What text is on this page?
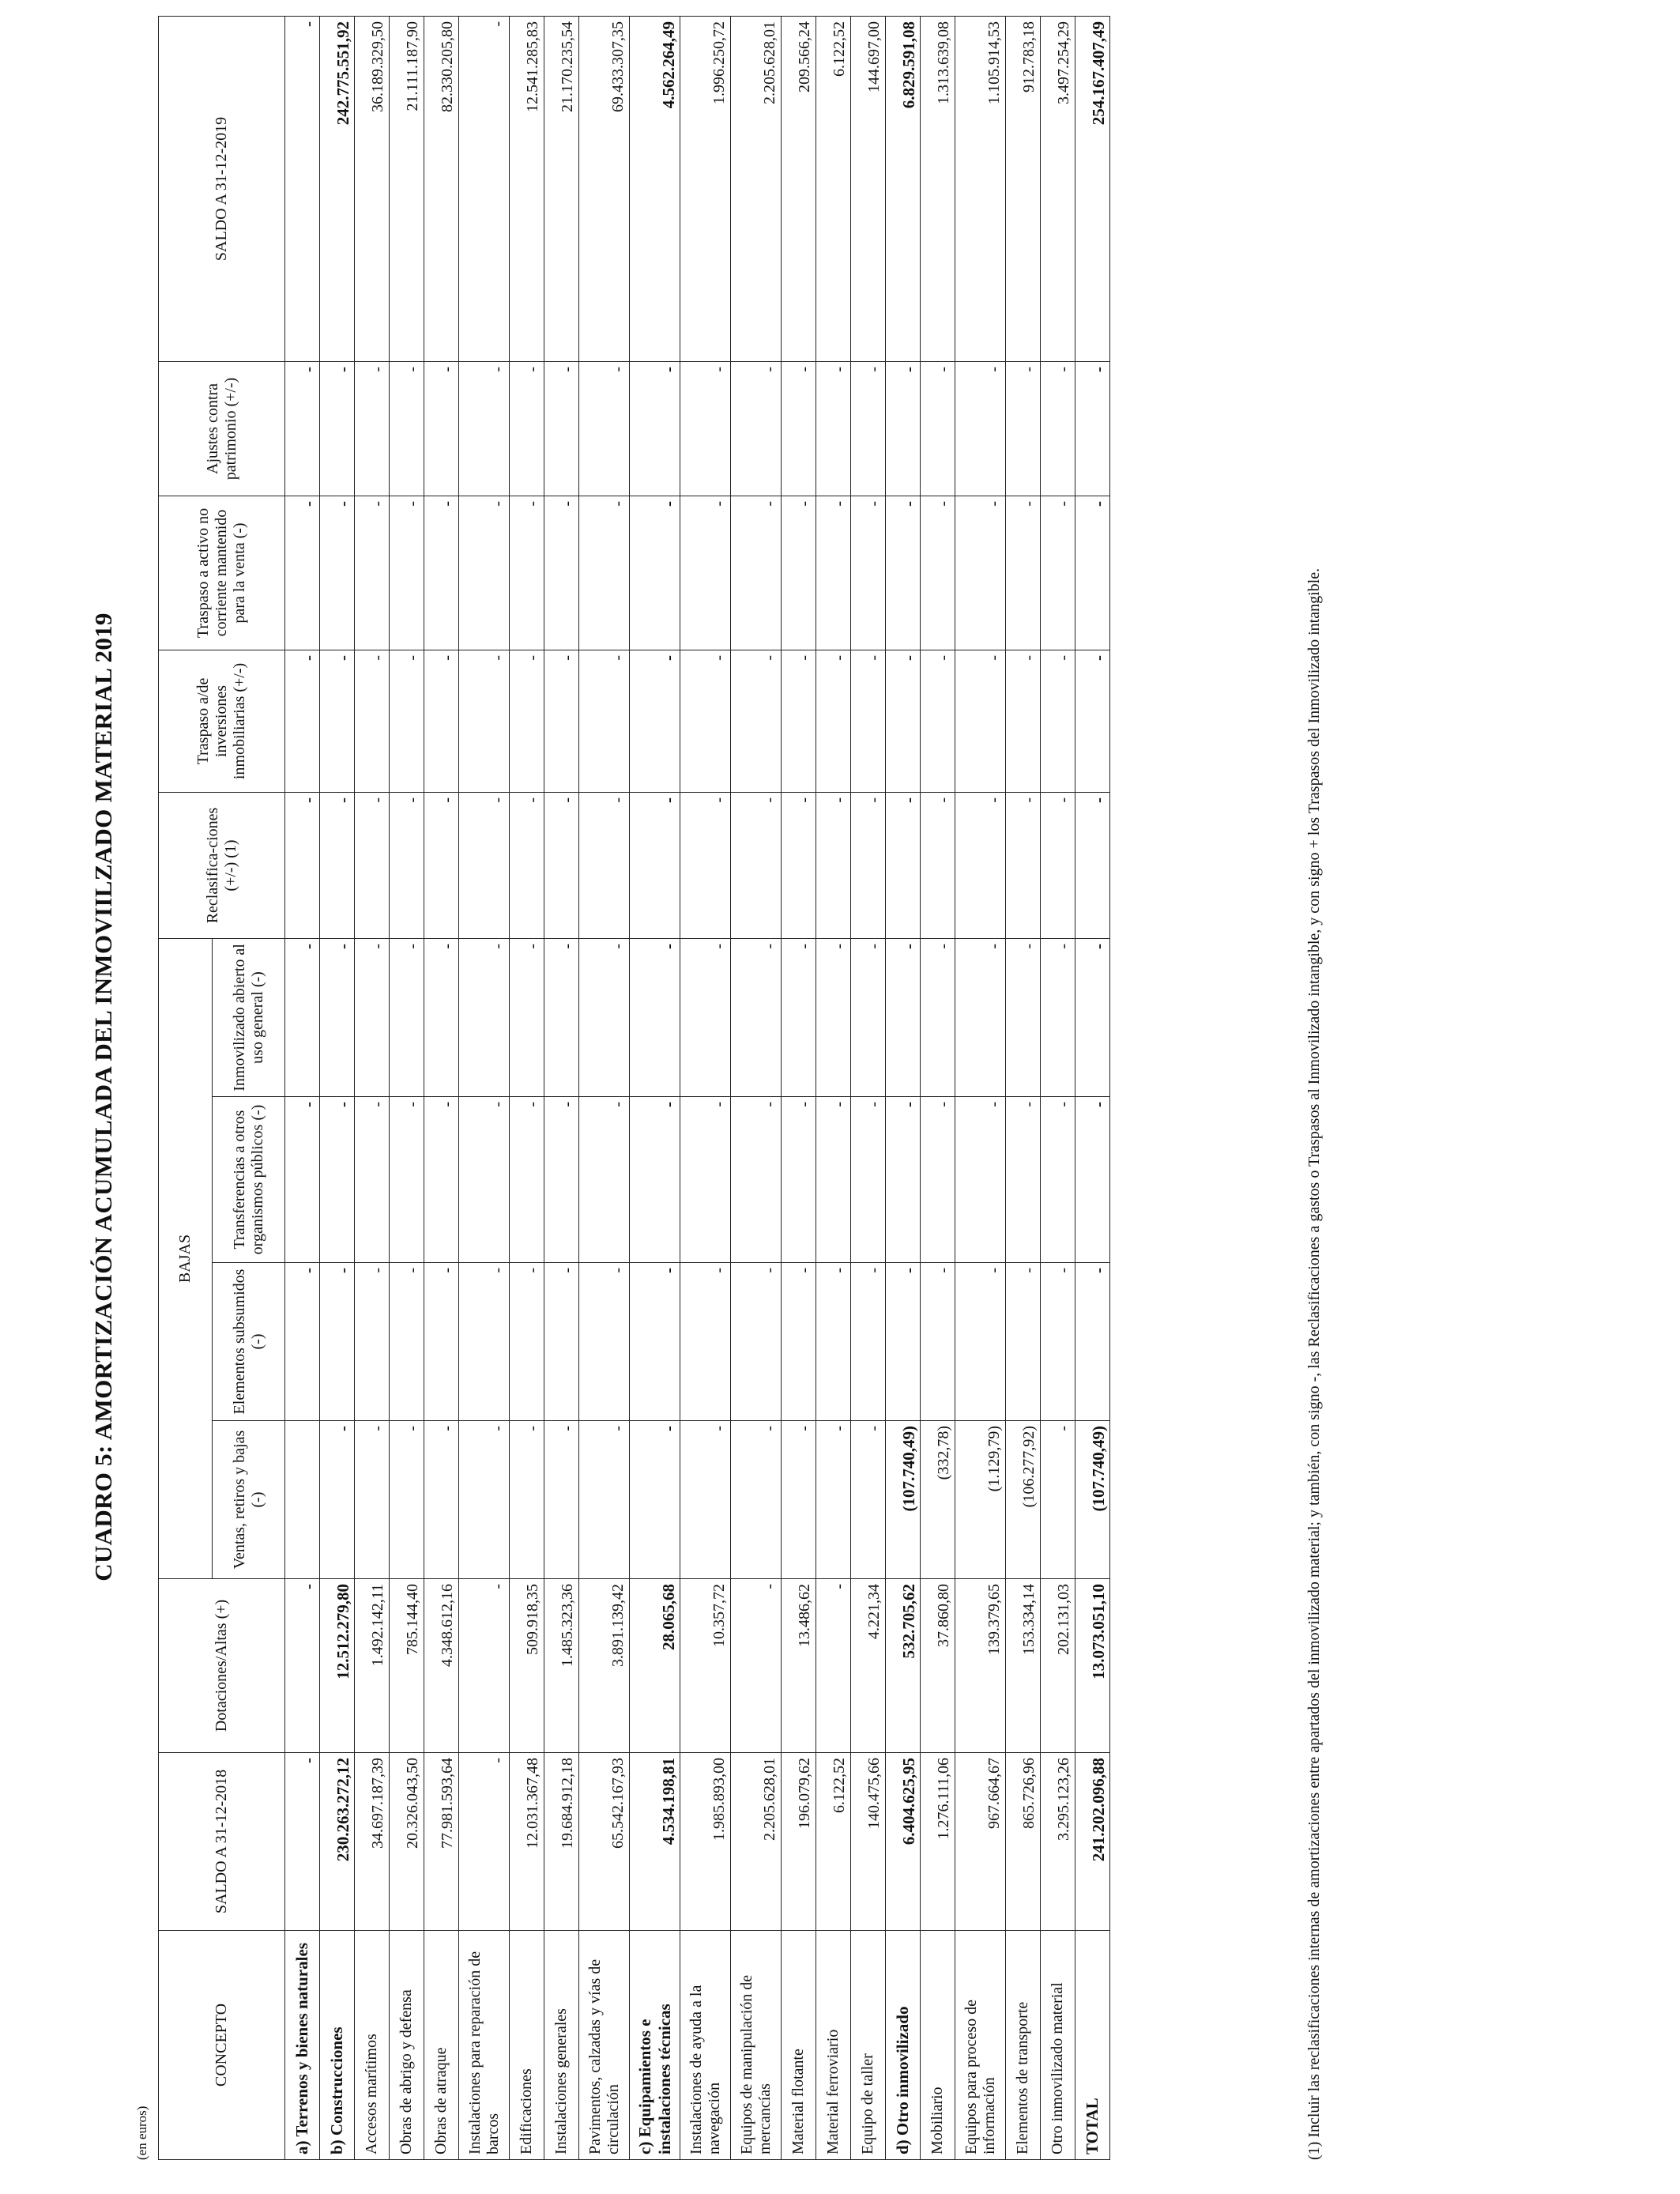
CUADRO 5: AMORTIZACIÓN ACUMULADA DEL INMOVIILZADO MATERIAL 2019
(en euros)
CONCEPTO	SALDO A 31-12-2018	Dotaciones/Altas (+)	BAJAS				Reclasifica-ciones (+/-) (1)	Traspaso a/de inversiones inmobiliarias (+/-)	Traspaso a activo no corriente mantenido para la venta (-)	Ajustes contra patrimonio (+/-)	SALDO A 31-12-2019
			Ventas, retiros y bajas (-)	Elementos subsumidos (-)	Transferencias a otros organismos públicos (-)	Inmovilizado abierto al uso general (-)					
a) Terrenos y bienes naturales	-	-		-	-	-	-	-	-	-	-
b) Construcciones	230.263.272,12	12.512.279,80	-	-	-	-	-	-	-	-	242.775.551,92
Accesos marítimos	34.697.187,39	1.492.142,11	-	-	-	-	-	-	-	-	36.189.329,50
Obras de abrigo y defensa	20.326.043,50	785.144,40	-	-	-	-	-	-	-	-	21.111.187,90
Obras de atraque	77.981.593,64	4.348.612,16	-	-	-	-	-	-	-	-	82.330.205,80
Instalaciones para reparación de barcos	-	-	-	-	-	-	-	-	-	-	-
Edificaciones	12.031.367,48	509.918,35	-	-	-	-	-	-	-	-	12.541.285,83
Instalaciones generales	19.684.912,18	1.485.323,36	-	-	-	-	-	-	-	-	21.170.235,54
Pavimentos, calzadas y vías de circulación	65.542.167,93	3.891.139,42	-	-	-	-	-	-	-	-	69.433.307,35
c) Equipamientos e instalaciones técnicas	4.534.198,81	28.065,68	-	-	-	-	-	-	-	-	4.562.264,49
Instalaciones de ayuda a la navegación	1.985.893,00	10.357,72	-	-	-	-	-	-	-	-	1.996.250,72
Equipos de manipulación de mercancías	2.205.628,01	-	-	-	-	-	-	-	-	-	2.205.628,01
Material flotante	196.079,62	13.486,62	-	-	-	-	-	-	-	-	209.566,24
Material ferroviario	6.122,52	-	-	-	-	-	-	-	-	-	6.122,52
Equipo de taller	140.475,66	4.221,34	-	-	-	-	-	-	-	-	144.697,00
d) Otro inmovilizado	6.404.625,95	532.705,62	(107.740,49)	-	-	-	-	-	-	-	6.829.591,08
Mobiliario	1.276.111,06	37.860,80	(332,78)	-	-	-	-	-	-	-	1.313.639,08
Equipos para proceso de información	967.664,67	139.379,65	(1.129,79)	-	-	-	-	-	-	-	1.105.914,53
Elementos de transporte	865.726,96	153.334,14	(106.277,92)	-	-	-	-	-	-	-	912.783,18
Otro inmovilizado material	3.295.123,26	202.131,03	-	-	-	-	-	-	-	-	3.497.254,29
TOTAL	241.202.096,88	13.073.051,10	(107.740,49)	-	-	-	-	-	-	-	254.167.407,49
(1) Incluir las reclasificaciones internas de amortizaciones entre apartados del inmovilizado material; y también, con signo -, las Reclasificaciones a gastos o Traspasos al Inmovilizado intangible, y con signo + los Traspasos del Inmovilizado intangible.
